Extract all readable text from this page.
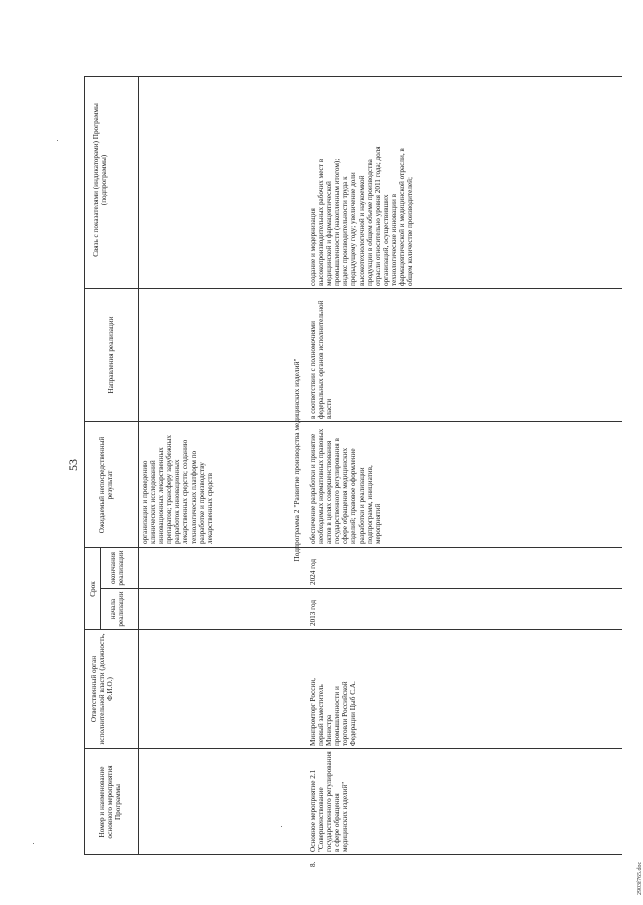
53
Номер и наименование основного мероприятия Программы
Ответственный орган исполнительной власти (должность, Ф.И.О.)
Срок
начала реализации
окончания реализации
Ожидаемый непосредственный результат
Направления реализации
Связь с показателями (индикаторами) Программы (подпрограммы)
организации и проведению клинических исследований инновационных лекарственных препаратов; трансферу зарубежных разработок инновационных лекарственных средств; созданию технологических платформ по разработке и производству лекарственных средств	Подпрограмма 2 "Развитие производства медицинских изделий"
8.
Основное мероприятие 2.1 "Совершенствование государственного регулирования в сфере обращения медицинских изделий"
Минпромторг России, первый заместитель Министра промышленности и торговли Российской Федерации Цыб С.А.
2013 год
2024 год
обеспечение разработки и принятие необходимых нормативных правовых актов в целях совершенствования государственного регулирования в сфере обращения медицинских изделий; правовое оформление разработки и реализации подпрограмм, инициатив, мероприятий
в соответствии с полномочиями федеральных органов исполнительной власти
создание и модернизация высокопроизводительных рабочих мест в медицинской и фармацевтической промышленности (накопленным итогом); индекс производительности труда к предыдущему году; увеличение доли высокотехнологичной и наукоемкой продукции в общем объеме производства отрасли относительно уровня 2011 года; доля организаций, осуществивших технологические инновации в фармацевтической и медицинской отрасли, в общем количестве производителей;
2903f765.doc
